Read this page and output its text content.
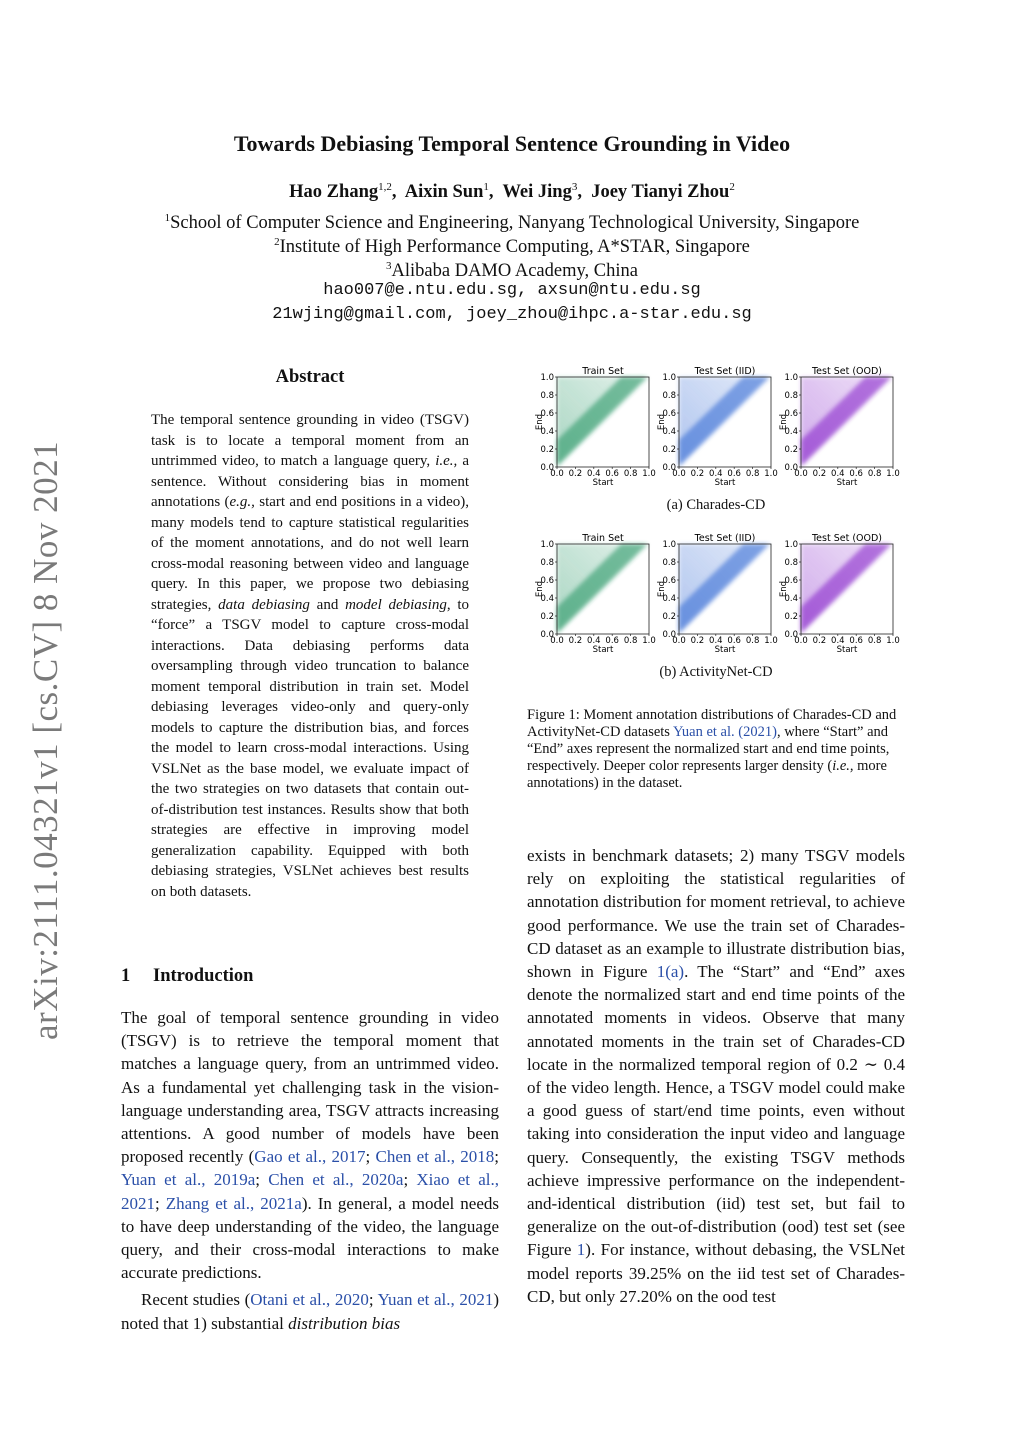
Towards Debiasing Temporal Sentence Grounding in Video
Hao Zhang$^{1,2}$,  Aixin Sun$^1$,  Wei Jing$^3$,  Joey Tianyi Zhou$^2$
$^1$School of Computer Science and Engineering, Nanyang Technological University, Singapore
$^2$Institute of High Performance Computing, A*STAR, Singapore
$^3$Alibaba DAMO Academy, China
hao007@e.ntu.edu.sg, axsun@ntu.edu.sg
21wjing@gmail.com, joey_zhou@ihpc.a-star.edu.sg
arXiv:2111.04321v1 [cs.CV] 8 Nov 2021
Abstract
The temporal sentence grounding in video (TSGV) task is to locate a temporal moment from an untrimmed video, to match a language query, i.e., a sentence. Without considering bias in moment annotations (e.g., start and end positions in a video), many models tend to capture statistical regularities of the moment annotations, and do not well learn cross-modal reasoning between video and language query. In this paper, we propose two debiasing strategies, data debiasing and model debiasing, to “force” a TSGV model to capture cross-modal interactions. Data debiasing performs data oversampling through video truncation to balance moment temporal distribution in train set. Model debiasing leverages video-only and query-only models to capture the distribution bias, and forces the model to learn cross-modal interactions. Using VSLNet as the base model, we evaluate impact of the two strategies on two datasets that contain out-of-distribution test instances. Results show that both strategies are effective in improving model generalization capability. Equipped with both debiasing strategies, VSLNet achieves best results on both datasets.
1 Introduction

The goal of temporal sentence grounding in video (TSGV) is to retrieve the temporal moment that matches a language query, from an untrimmed video. As a fundamental yet challenging task in the vision-language understanding area, TSGV attracts increasing attentions. A good number of models have been proposed recently (Gao et al., 2017; Chen et al., 2018; Yuan et al., 2019a; Chen et al., 2020a; Xiao et al., 2021; Zhang et al., 2021a). In general, a model needs to have deep understanding of the video, the language query, and their cross-modal interactions to make accurate predictions.

Recent studies (Otani et al., 2020; Yuan et al., 2021) noted that 1) substantial distribution bias

Train Set
0.0 0.2 0.4 0.6 0.8 1.0
0.0
0.2
0.4
0.6
0.8
1.0
Start
End
Test Set (IID)
0.0 0.2 0.4 0.6 0.8 1.0
0.0
0.2
0.4
0.6
0.8
1.0
Start
End
Test Set (OOD)
0.0 0.2 0.4 0.6 0.8 1.0
0.0
0.2
0.4
0.6
0.8
1.0
Start
End
Train Set
0.0 0.2 0.4 0.6 0.8 1.0
0.0
0.2
0.4
0.6
0.8
1.0
Start
End
Test Set (IID)
0.0 0.2 0.4 0.6 0.8 1.0
0.0
0.2
0.4
0.6
0.8
1.0
Start
End
Test Set (OOD)
0.0 0.2 0.4 0.6 0.8 1.0
0.0
0.2
0.4
0.6
0.8
1.0
Start
End
(a) Charades-CD
(b) ActivityNet-CD
Figure 1: Moment annotation distributions of Charades-CD and ActivityNet-CD datasets Yuan et al. (2021), where “Start” and “End” axes represent the normalized start and end time points, respectively. Deeper color represents larger density (i.e., more annotations) in the dataset.

exists in benchmark datasets; 2) many TSGV models rely on exploiting the statistical regularities of annotation distribution for moment retrieval, to achieve good performance. We use the train set of Charades-CD dataset as an example to illustrate distribution bias, shown in Figure 1(a). The “Start” and “End” axes denote the normalized start and end time points of the annotated moments in videos. Observe that many annotated moments in the train set of Charades-CD locate in the normalized temporal region of 0.2 ∼ 0.4 of the video length. Hence, a TSGV model could make a good guess of start/end time points, even without taking into consideration the input video and language query. Consequently, the existing TSGV methods achieve impressive performance on the independent-and-identical distribution (iid) test set, but fail to generalize on the out-of-distribution (ood) test set (see Figure 1). For instance, without debasing, the VSLNet model reports 39.25% on the iid test set of Charades-CD, but only 27.20% on the ood test
